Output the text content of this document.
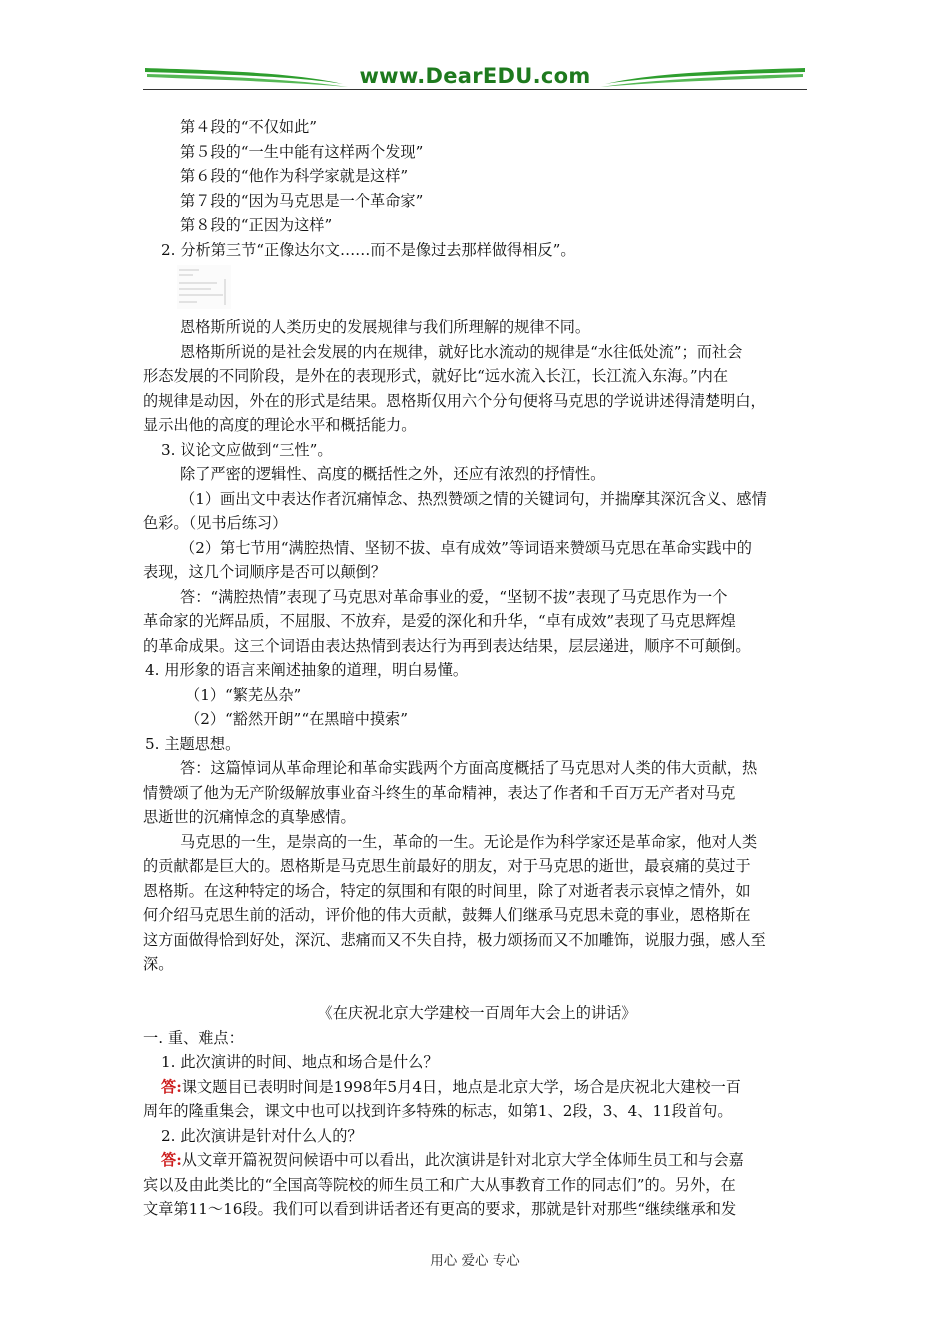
www.DearEDU.com
第４段的“不仅如此”
第５段的“一生中能有这样两个发现”
第６段的“他作为科学家就是这样”
第７段的“因为马克思是一个革命家”
第８段的“正因为这样”
2. 分析第三节“正像达尔文……而不是像过去那样做得相反”。
恩格斯所说的人类历史的发展规律与我们所理解的规律不同。
恩格斯所说的是社会发展的内在规律，就好比水流动的规律是“水往低处流”；而社会
形态发展的不同阶段，是外在的表现形式，就好比“远水流入长江，长江流入东海。”内在
的规律是动因，外在的形式是结果。恩格斯仅用六个分句便将马克思的学说讲述得清楚明白，
显示出他的高度的理论水平和概括能力。
3. 议论文应做到“三性”。
除了严密的逻辑性、高度的概括性之外，还应有浓烈的抒情性。
（1）画出文中表达作者沉痛悼念、热烈赞颂之情的关键词句，并揣摩其深沉含义、感情
色彩。（见书后练习）
（2）第七节用“满腔热情、坚韧不拔、卓有成效”等词语来赞颂马克思在革命实践中的
表现，这几个词顺序是否可以颠倒？
答：“满腔热情”表现了马克思对革命事业的爱，“坚韧不拔”表现了马克思作为一个
革命家的光辉品质，不屈服、不放弃，是爱的深化和升华，“卓有成效”表现了马克思辉煌
的革命成果。这三个词语由表达热情到表达行为再到表达结果，层层递进，顺序不可颠倒。
4. 用形象的语言来阐述抽象的道理，明白易懂。
（1）“繁芜丛杂”
（2）“豁然开朗”“在黑暗中摸索”
5. 主题思想。
答：这篇悼词从革命理论和革命实践两个方面高度概括了马克思对人类的伟大贡献，热
情赞颂了他为无产阶级解放事业奋斗终生的革命精神，表达了作者和千百万无产者对马克
思逝世的沉痛悼念的真挚感情。
马克思的一生，是崇高的一生，革命的一生。无论是作为科学家还是革命家，他对人类
的贡献都是巨大的。恩格斯是马克思生前最好的朋友，对于马克思的逝世，最哀痛的莫过于
恩格斯。在这种特定的场合，特定的氛围和有限的时间里，除了对逝者表示哀悼之情外，如
何介绍马克思生前的活动，评价他的伟大贡献，鼓舞人们继承马克思未竟的事业，恩格斯在
这方面做得恰到好处，深沉、悲痛而又不失自持，极力颂扬而又不加雕饰，说服力强，感人至
深。
《在庆祝北京大学建校一百周年大会上的讲话》
一. 重、难点：
1. 此次演讲的时间、地点和场合是什么？
答:课文题目已表明时间是1998年5月4日，地点是北京大学，场合是庆祝北大建校一百
周年的隆重集会，课文中也可以找到许多特殊的标志，如第1、2段，3、4、11段首句。
2. 此次演讲是针对什么人的？
答:从文章开篇祝贺问候语中可以看出，此次演讲是针对北京大学全体师生员工和与会嘉
宾以及由此类比的“全国高等院校的师生员工和广大从事教育工作的同志们”的。另外，在
文章第11～16段。我们可以看到讲话者还有更高的要求，那就是针对那些“继续继承和发
用心 爱心 专心
